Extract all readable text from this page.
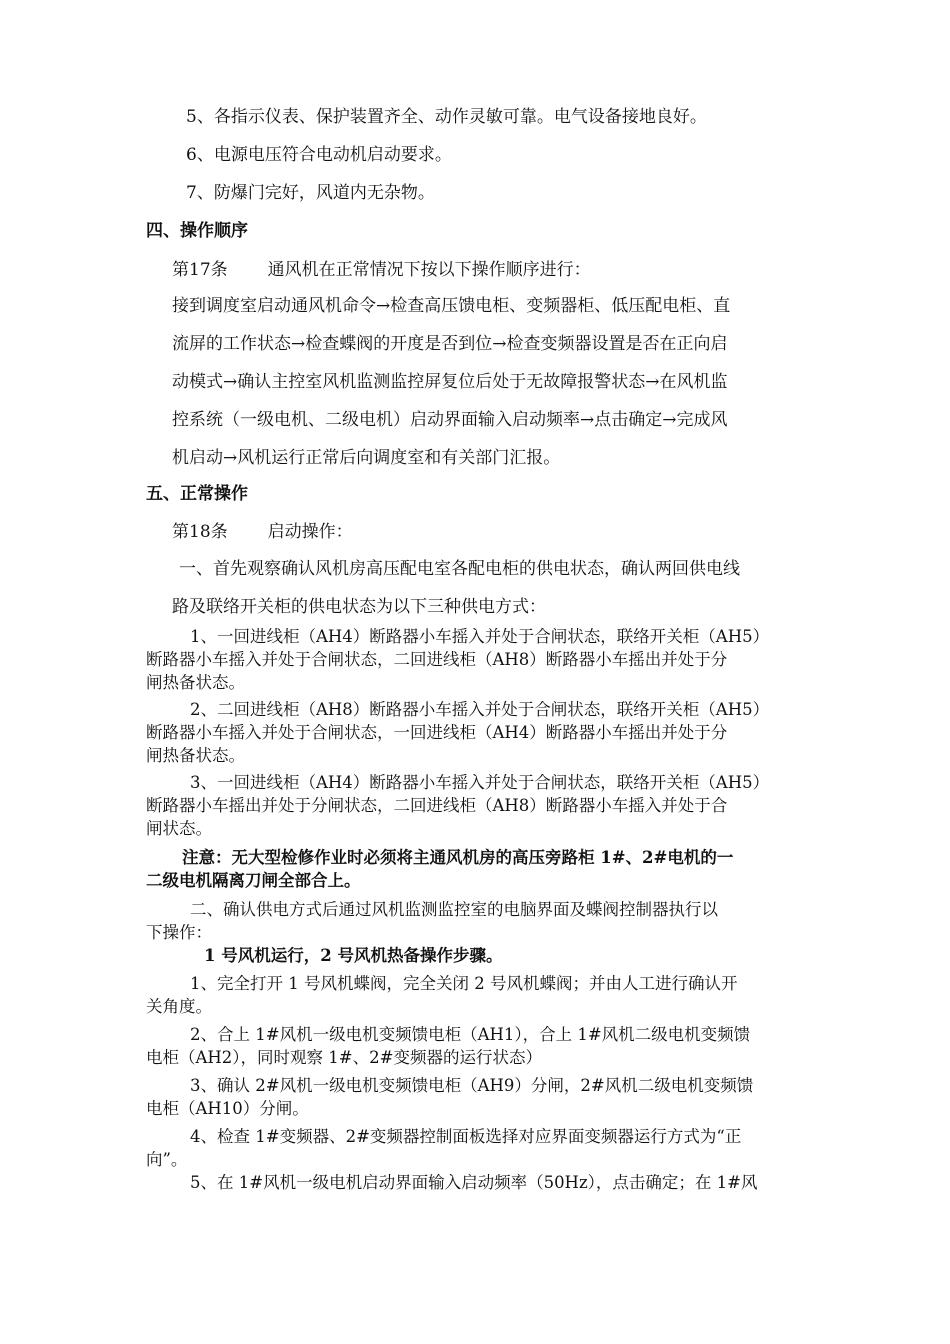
5、各指示仪表、保护装置齐全、动作灵敏可靠。电气设备接地良好。
6、电源电压符合电动机启动要求。
7、防爆门完好，风道内无杂物。
四、操作顺序
第17条 通风机在正常情况下按以下操作顺序进行：
接到调度室启动通风机命令→检查高压馈电柜、变频器柜、低压配电柜、直
流屏的工作状态→检查蝶阀的开度是否到位→检查变频器设置是否在正向启
动模式→确认主控室风机监测监控屏复位后处于无故障报警状态→在风机监
控系统（一级电机、二级电机）启动界面输入启动频率→点击确定→完成风
机启动→风机运行正常后向调度室和有关部门汇报。
五、正常操作
第18条 启动操作：
一、首先观察确认风机房高压配电室各配电柜的供电状态，确认两回供电线
路及联络开关柜的供电状态为以下三种供电方式：
1、一回进线柜（AH4）断路器小车摇入并处于合闸状态，联络开关柜（AH5）
断路器小车摇入并处于合闸状态，二回进线柜（AH8）断路器小车摇出并处于分
闸热备状态。
2、二回进线柜（AH8）断路器小车摇入并处于合闸状态，联络开关柜（AH5）
断路器小车摇入并处于合闸状态，一回进线柜（AH4）断路器小车摇出并处于分
闸热备状态。
3、一回进线柜（AH4）断路器小车摇入并处于合闸状态，联络开关柜（AH5）
断路器小车摇出并处于分闸状态，二回进线柜（AH8）断路器小车摇入并处于合
闸状态。
注意：无大型检修作业时必须将主通风机房的高压旁路柜 1#、2#电机的一
二级电机隔离刀闸全部合上。
二、确认供电方式后通过风机监测监控室的电脑界面及蝶阀控制器执行以
下操作：
1 号风机运行，2 号风机热备操作步骤。
1、完全打开 1 号风机蝶阀，完全关闭 2 号风机蝶阀；并由人工进行确认开
关角度。
2、合上 1#风机一级电机变频馈电柜（AH1），合上 1#风机二级电机变频馈
电柜（AH2），同时观察 1#、2#变频器的运行状态）
3、确认 2#风机一级电机变频馈电柜（AH9）分闸，2#风机二级电机变频馈
电柜（AH10）分闸。
4、检查 1#变频器、2#变频器控制面板选择对应界面变频器运行方式为“正
向”。
5、在 1#风机一级电机启动界面输入启动频率（50Hz），点击确定；在 1#风
